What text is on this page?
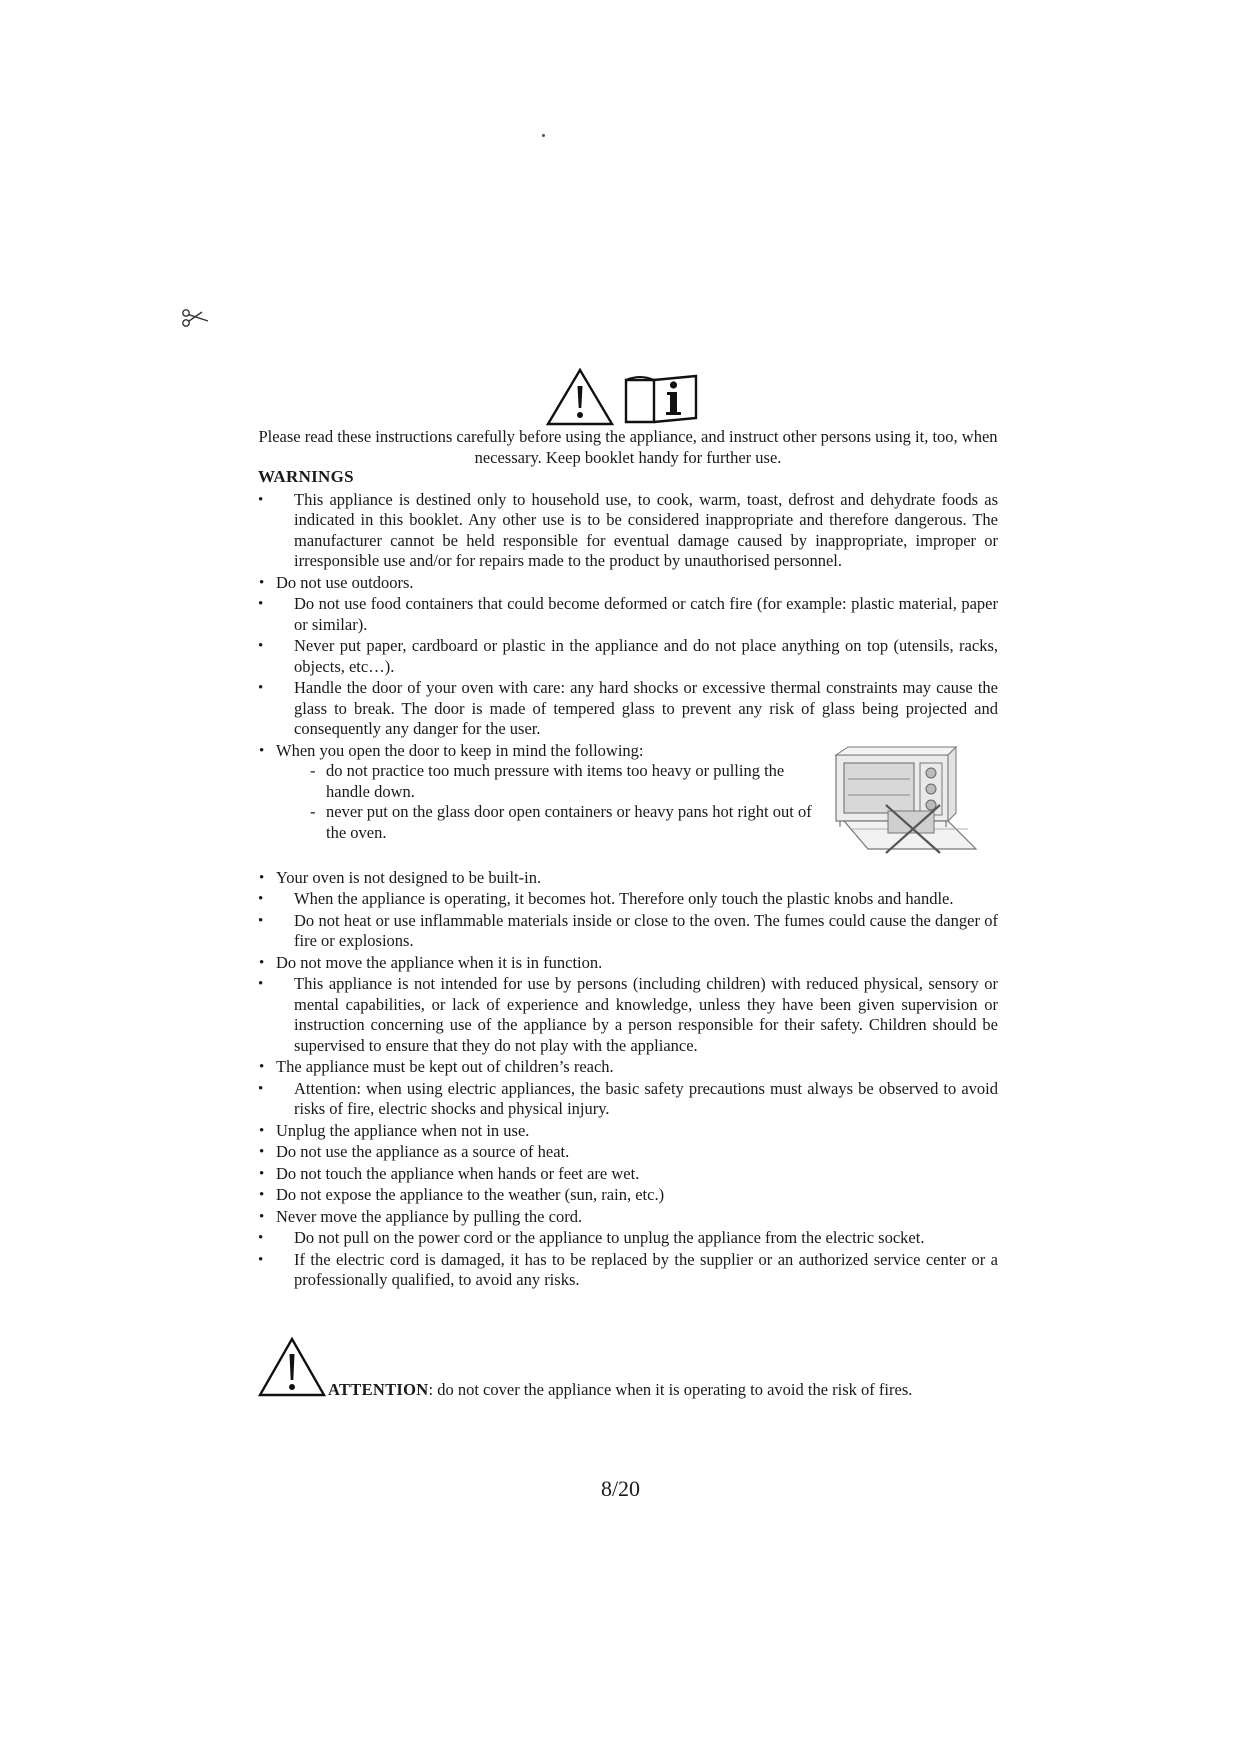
Please read these instructions carefully before using the appliance, and instruct other persons using it, too, when necessary. Keep booklet handy for further use.
WARNINGS
• This appliance is destined only to household use, to cook, warm, toast, defrost and dehydrate foods as indicated in this booklet. Any other use is to be considered inappropriate and therefore dangerous. The manufacturer cannot be held responsible for eventual damage caused by inappropriate, improper or irresponsible use and/or for repairs made to the product by unauthorised personnel.
• Do not use outdoors.
• Do not use food containers that could become deformed or catch fire (for example: plastic material, paper or similar).
• Never put paper, cardboard or plastic in the appliance and do not place anything on top (utensils, racks, objects, etc…).
• Handle the door of your oven with care: any hard shocks or excessive thermal constraints may cause the glass to break. The door is made of tempered glass to prevent any risk of glass being projected and consequently any danger for the user.
• When you open the door to keep in mind the following:
- do not practice too much pressure with items too heavy or pulling the handle down.
- never put on the glass door open containers or heavy pans hot right out of the oven.
• Your oven is not designed to be built-in.
• When the appliance is operating, it becomes hot. Therefore only touch the plastic knobs and handle.
• Do not heat or use inflammable materials inside or close to the oven. The fumes could cause the danger of fire or explosions.
• Do not move the appliance when it is in function.
• This appliance is not intended for use by persons (including children) with reduced physical, sensory or mental capabilities, or lack of experience and knowledge, unless they have been given supervision or instruction concerning use of the appliance by a person responsible for their safety. Children should be supervised to ensure that they do not play with the appliance.
• The appliance must be kept out of children’s reach.
• Attention: when using electric appliances, the basic safety precautions must always be observed to avoid risks of fire, electric shocks and physical injury.
• Unplug the appliance when not in use.
• Do not use the appliance as a source of heat.
• Do not touch the appliance when hands or feet are wet.
• Do not expose the appliance to the weather (sun, rain, etc.)
• Never move the appliance by pulling the cord.
• Do not pull on the power cord or the appliance to unplug the appliance from the electric socket.
• If the electric cord is damaged, it has to be replaced by the supplier or an authorized service center or a professionally qualified, to avoid any risks.
ATTENTION: do not cover the appliance when it is operating to avoid the risk of fires.
8/20
